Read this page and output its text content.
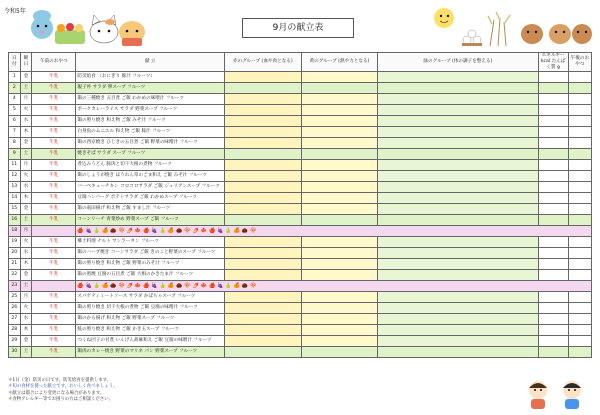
令和5年
9月の献立表
日付	曜日	午前のおやつ	献 立	赤のグループ (血や肉となる)	黄のグループ (熱や力となる)	緑のグループ (体の調子を整える)	エネルギー kcal たんぱく質 g	午後のおやつ
1	金	牛乳	防災給食 （おにぎり 豚汁 フルーツ）					
2	土	牛乳	親子丼 サラダ 卵スープ フルーツ					
4	月	牛乳	鶏の三種焼き 五目煮 ご飯 わかめの味噌汁 フルーツ					
5	火	牛乳	ポークカレーライス サラダ 野菜スープ フルーツ					
6	水	牛乳	鶏の照り焼き 和え物 ご飯 みそ汁 フルーツ					
7	木	牛乳	白身魚のムニエル 和え物 ご飯 豚汁 フルーツ					
8	金	牛乳	鶏の西京焼き ひじきの五目煮 ご飯 野菜の味噌汁 フルーツ					
9	土	牛乳	焼きそば サラダ スープ フルーツ					
11	月	牛乳	煮込みうどん 豚肉と切干大根の煮物 フルーツ					
12	火	牛乳	鶏のしょうが焼き ほうれん草のごま和え ご飯 みそ汁 フルーツ					
13	水	牛乳	バーベキューチキン コロコロサラダ ご飯 ジュリアンスープ フルーツ					
14	木	牛乳	豆腐ハンバーグ ポテトサラダ ご飯 わかめスープ フルーツ					
15	金	牛乳	鶏の竜田揚げ 和え物 ご飯 すまし汁 フルーツ					
16	土	牛乳	コーンリーチ 青菜炒め 野菜スープ ご飯 フルーツ					
18	月		🍎🍇🍐🍊🌰🍄🍠🍁🍎🍇🍐🍊🌰🍄🍠🍁🍎🍇🍐🍊🌰🍄					

19	火	牛乳	郷土料理 ナルト サンラータン フルーツ					
20	水	牛乳	鶏のハーブ焼き コーンサラダ ご飯 きのこと野菜のスープ フルーツ					
21	木	牛乳	鶏の照り焼き 和え物 ご飯 野菜のみそ汁 フルーツ					
22	金	牛乳	鶏の照焼 豆腐の五目煮 ご飯 大根のかきたま汁 フルーツ					
23	土		🍎🍇🍐🍊🌰🍄🍠🍁🍎🍇🍐🍊🌰🍄🍠🍁🍎🍇🍐🍊🌰🍄					

25	月	牛乳	スパゲティミートソース サラダ かぼちゃスープ フルーツ					
26	火	牛乳	鶏の照り焼き 切干大根の煮物 ご飯 豆腐の味噌汁 フルーツ					
27	水	牛乳	鶏のから揚げ 和え物 ご飯 野菜スープ フルーツ					
28	木	牛乳	鮭の照り焼き 和え物 ご飯 かき玉スープ フルーツ					
29	金	牛乳	つくね団子の甘煮 いんげん胡麻和え ご飯 豆腐の味噌汁 フルーツ					
30	土	牛乳	鶏肉のカレー焼き 野菜のマリネ パン 野菜スープ フルーツ					
＊1日（金）防災の日です。防災給食を提供します。
＊旬の食材を使った献立です。おいしく食べましょう。
＊献立は都合により変更になる場合があります。
＊食物アレルギー等でお困りの方はご相談ください。
